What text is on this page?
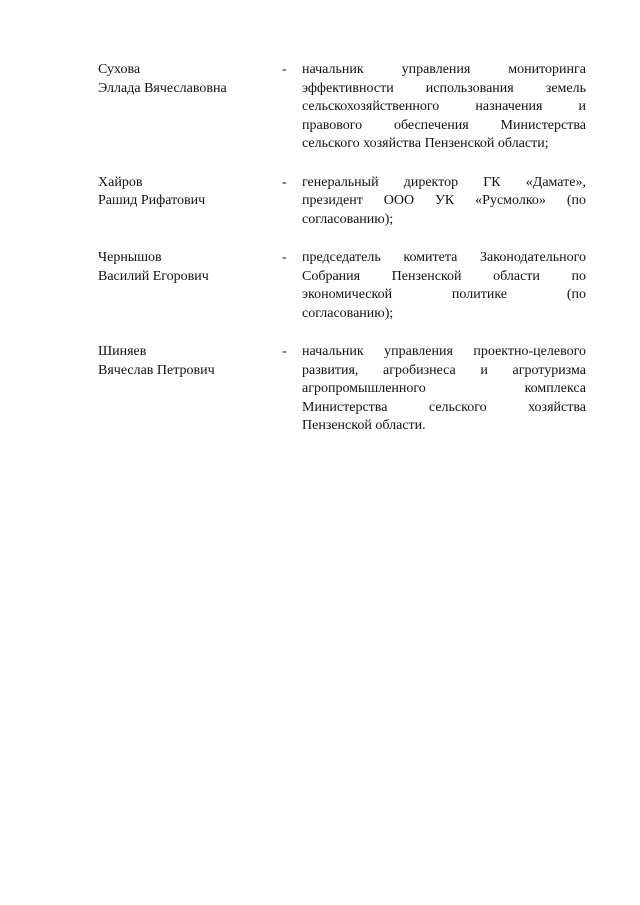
Сухова
Эллада Вячеславовна
-	начальник управления мониторинга
эффективности использования земель
сельскохозяйственного назначения и
правового обеспечения Министерства
сельского хозяйства Пензенской области;
Хайров
Рашид Рифатович
-	генеральный директор ГК «Дамате»,
президент ООО УК «Русмолко» (по
согласованию);
Чернышов
Василий Егорович
-	председатель комитета Законодательного
Собрания Пензенской области по
экономической политике (по
согласованию);
Шиняев
Вячеслав Петрович
-	начальник управления проектно-целевого
развития, агробизнеса и агротуризма
агропромышленного комплекса
Министерства сельского хозяйства
Пензенской области.
